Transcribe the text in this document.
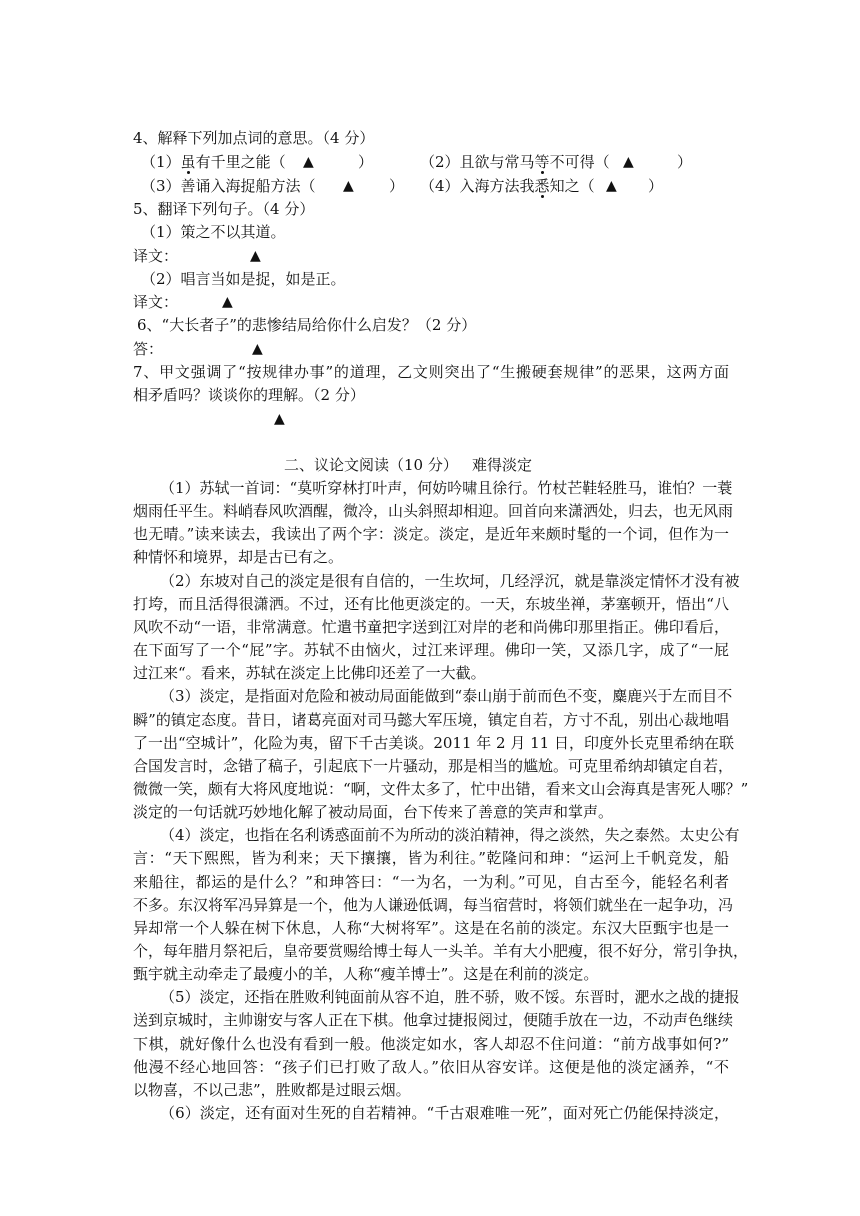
4、解释下列加点词的意思。（4 分）
（1）虽有千里之能（ ▲	）	（2）且欲与常马等不可得（ ▲	）
（3）善诵入海捉船方法（ ▲ ） （4）入海方法我悉知之（ ▲ ）
5、翻译下列句子。（4 分）
（1）策之不以其道。
译文：	▲
（2）唱言当如是捉，如是正。
译文：	▲
6、“大长者子”的悲惨结局给你什么启发？（2 分）
答：	▲
7、甲文强调了“按规律办事”的道理，乙文则突出了“生搬硬套规律”的恶果，这两方面
相矛盾吗？谈谈你的理解。（2 分）
▲
二、议论文阅读（10 分） 难得淡定
（1）苏轼一首词：“莫听穿林打叶声，何妨吟啸且徐行。竹杖芒鞋轻胜马，谁怕？一蓑
烟雨任平生。料峭春风吹酒醒，微冷，山头斜照却相迎。回首向来潇洒处，归去，也无风雨
也无晴。”读来读去，我读出了两个字：淡定。淡定，是近年来颇时髦的一个词，但作为一
种情怀和境界，却是古已有之。
（2）东坡对自己的淡定是很有自信的，一生坎坷，几经浮沉，就是靠淡定情怀才没有被
打垮，而且活得很潇洒。不过，还有比他更淡定的。一天，东坡坐禅，茅塞顿开，悟出“八
风吹不动“一语，非常满意。忙遣书童把字送到江对岸的老和尚佛印那里指正。佛印看后，
在下面写了一个“屁”字。苏轼不由恼火，过江来评理。佛印一笑，又添几字，成了“一屁
过江来“。看来，苏轼在淡定上比佛印还差了一大截。
（3）淡定，是指面对危险和被动局面能做到“泰山崩于前而色不变，麋鹿兴于左而目不
瞬”的镇定态度。昔日，诸葛亮面对司马懿大军压境，镇定自若，方寸不乱，别出心裁地唱
了一出“空城计”，化险为夷，留下千古美谈。2011 年 2 月 11 日，印度外长克里希纳在联
合国发言时，念错了稿子，引起底下一片骚动，那是相当的尴尬。可克里希纳却镇定自若，
微微一笑，颇有大将风度地说：“啊，文件太多了，忙中出错，看来文山会海真是害死人哪？”
淡定的一句话就巧妙地化解了被动局面，台下传来了善意的笑声和掌声。
（4）淡定，也指在名利诱惑面前不为所动的淡泊精神，得之淡然，失之泰然。太史公有
言：“天下熙熙，皆为利来；天下攘攘，皆为利往。”乾隆问和珅：“运河上千帆竞发，船
来船往，都运的是什么？”和珅答曰：“一为名，一为利。”可见，自古至今，能轻名利者
不多。东汉将军冯异算是一个，他为人谦逊低调，每当宿营时，将领们就坐在一起争功，冯
异却常一个人躲在树下休息，人称“大树将军”。这是在名前的淡定。东汉大臣甄宇也是一
个，每年腊月祭祀后，皇帝要赏赐给博士每人一头羊。羊有大小肥瘦，很不好分，常引争执，
甄宇就主动牵走了最瘦小的羊，人称“瘦羊博士”。这是在利前的淡定。
（5）淡定，还指在胜败利钝面前从容不迫，胜不骄，败不馁。东晋时，淝水之战的捷报
送到京城时，主帅谢安与客人正在下棋。他拿过捷报阅过，便随手放在一边，不动声色继续
下棋，就好像什么也没有看到一般。他淡定如水，客人却忍不住问道：“前方战事如何?”
他漫不经心地回答：“孩子们已打败了敌人。”依旧从容安详。这便是他的淡定涵养，“不
以物喜，不以己悲”，胜败都是过眼云烟。
（6）淡定，还有面对生死的自若精神。“千古艰难唯一死”，面对死亡仍能保持淡定，
